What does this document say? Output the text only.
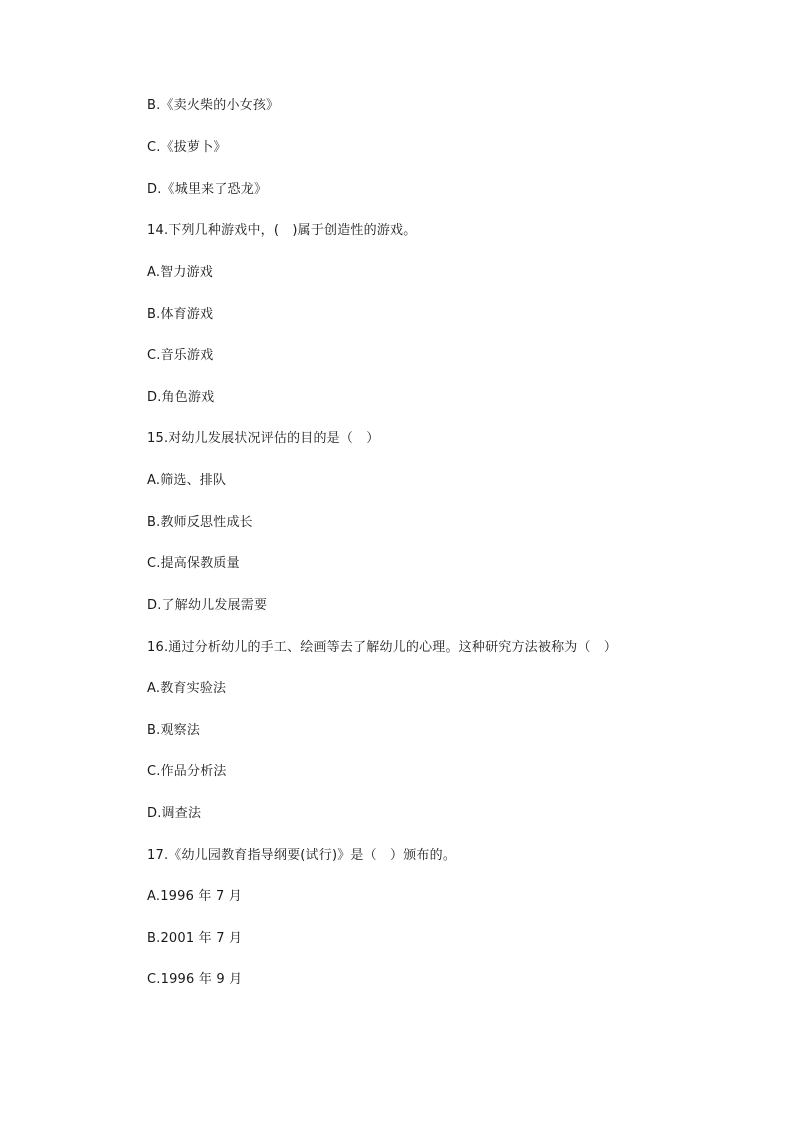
B.《卖火柴的小女孩》
C.《拔萝卜》
D.《城里来了恐龙》
14.下列几种游戏中，(　)属于创造性的游戏。
A.智力游戏
B.体育游戏
C.音乐游戏
D.角色游戏
15.对幼儿发展状况评估的目的是（　）
A.筛选、排队
B.教师反思性成长
C.提高保教质量
D.了解幼儿发展需要
16.通过分析幼儿的手工、绘画等去了解幼儿的心理。这种研究方法被称为（　）
A.教育实验法
B.观察法
C.作品分析法
D.调查法
17.《幼儿园教育指导纲要(试行)》是（　）颁布的。
A.1996 年 7 月
B.2001 年 7 月
C.1996 年 9 月
